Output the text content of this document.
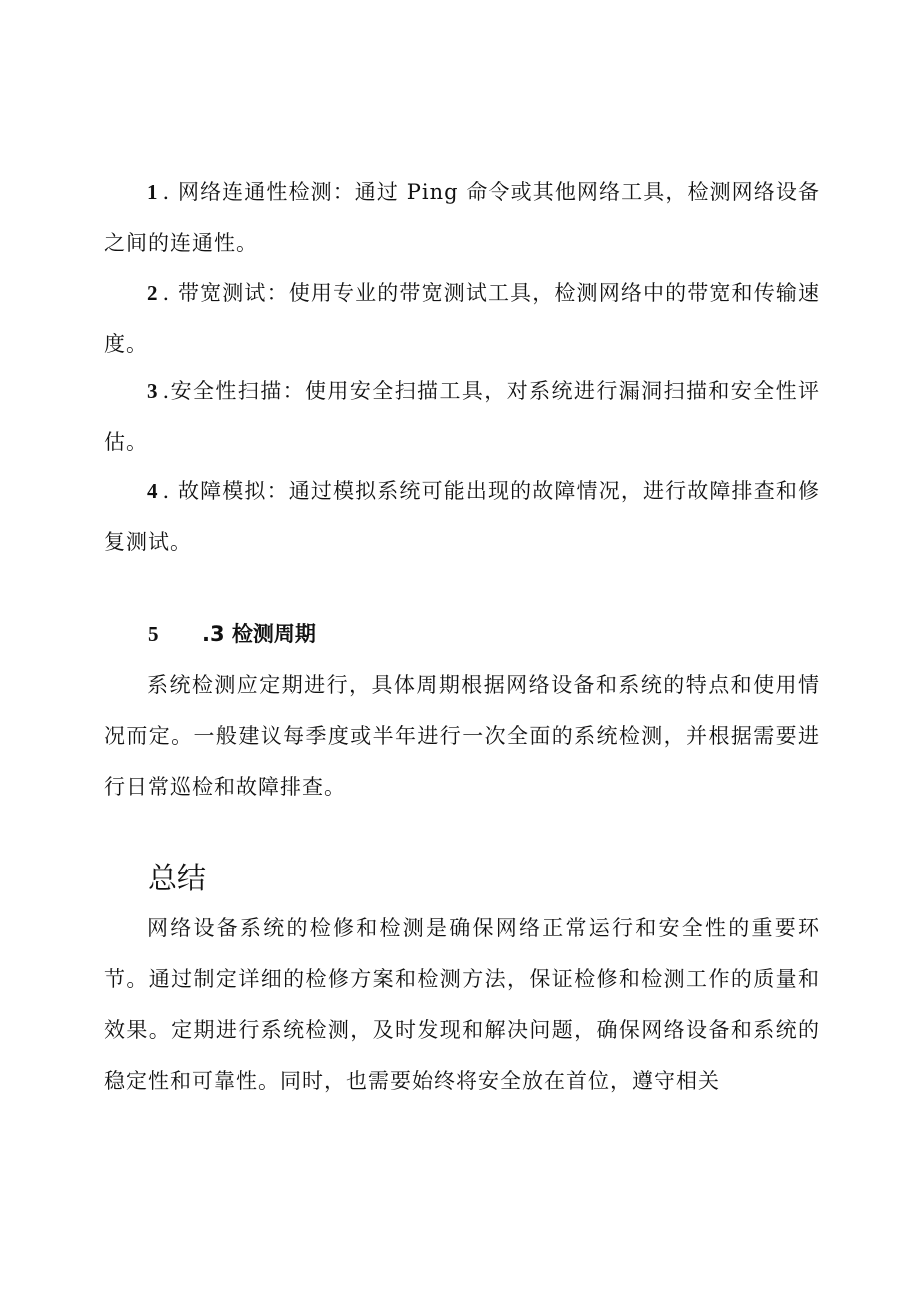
1 . 网络连通性检测：通过 Ping 命令或其他网络工具，检测网络设备之间的连通性。

2 . 带宽测试：使用专业的带宽测试工具，检测网络中的带宽和传输速度。

3 .安全性扫描：使用安全扫描工具，对系统进行漏洞扫描和安全性评估。

4 . 故障模拟：通过模拟系统可能出现的故障情况，进行故障排查和修复测试。

5 .3 检测周期

系统检测应定期进行，具体周期根据网络设备和系统的特点和使用情况而定。一般建议每季度或半年进行一次全面的系统检测，并根据需要进行日常巡检和故障排查。

总结

网络设备系统的检修和检测是确保网络正常运行和安全性的重要环节。通过制定详细的检修方案和检测方法，保证检修和检测工作的质量和效果。定期进行系统检测，及时发现和解决问题，确保网络设备和系统的稳定性和可靠性。同时，也需要始终将安全放在首位，遵守相关
